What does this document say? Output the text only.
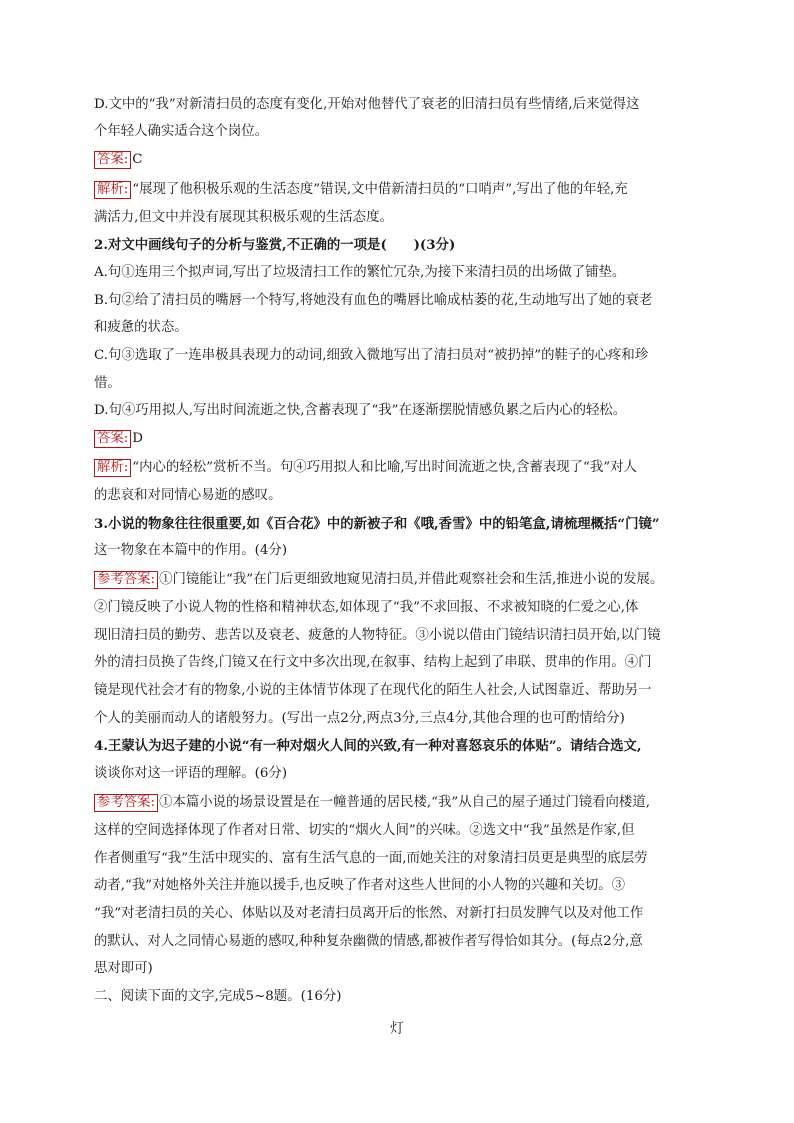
D.文中的“我”对新清扫员的态度有变化,开始对他替代了衰老的旧清扫员有些情绪,后来觉得这
个年轻人确实适合这个岗位。
答案: C
解析: “展现了他积极乐观的生活态度”错误,文中借新清扫员的“口哨声”,写出了他的年轻,充
满活力,但文中并没有展现其积极乐观的生活态度。
2.对文中画线句子的分析与鉴赏,不正确的一项是(　　)(3分)
A.句①连用三个拟声词,写出了垃圾清扫工作的繁忙冗杂,为接下来清扫员的出场做了铺垫。
B.句②给了清扫员的嘴唇一个特写,将她没有血色的嘴唇比喻成枯萎的花,生动地写出了她的衰老
和疲惫的状态。
C.句③选取了一连串极具表现力的动词,细致入微地写出了清扫员对“被扔掉”的鞋子的心疼和珍
惜。
D.句④巧用拟人,写出时间流逝之快,含蓄表现了“我”在逐渐摆脱情感负累之后内心的轻松。
答案: D
解析: “内心的轻松”赏析不当。句④巧用拟人和比喻,写出时间流逝之快,含蓄表现了“我”对人
的悲哀和对同情心易逝的感叹。
3.小说的物象往往很重要,如《百合花》中的新被子和《哦,香雪》中的铅笔盒,请梳理概括“门镜”
这一物象在本篇中的作用。(4分)
参考答案: ①门镜能让“我”在门后更细致地窥见清扫员,并借此观察社会和生活,推进小说的发展。
②门镜反映了小说人物的性格和精神状态,如体现了“我”不求回报、不求被知晓的仁爱之心,体
现旧清扫员的勤劳、悲苦以及衰老、疲惫的人物特征。③小说以借由门镜结识清扫员开始,以门镜
外的清扫员换了告终,门镜又在行文中多次出现,在叙事、结构上起到了串联、贯串的作用。④门
镜是现代社会才有的物象,小说的主体情节体现了在现代化的陌生人社会,人试图靠近、帮助另一
个人的美丽而动人的诸般努力。(写出一点2分,两点3分,三点4分,其他合理的也可酌情给分)
4.王蒙认为迟子建的小说“有一种对烟火人间的兴致,有一种对喜怒哀乐的体贴”。请结合选文,
谈谈你对这一评语的理解。(6分)
参考答案: ①本篇小说的场景设置是在一幢普通的居民楼,“我”从自己的屋子通过门镜看向楼道,
这样的空间选择体现了作者对日常、切实的“烟火人间”的兴味。②选文中“我”虽然是作家,但
作者侧重写“我”生活中现实的、富有生活气息的一面,而她关注的对象清扫员更是典型的底层劳
动者,“我”对她格外关注并施以援手,也反映了作者对这些人世间的小人物的兴趣和关切。③
“我”对老清扫员的关心、体贴以及对老清扫员离开后的怅然、对新打扫员发脾气以及对他工作
的默认、对人之同情心易逝的感叹,种种复杂幽微的情感,都被作者写得恰如其分。(每点2分,意
思对即可)
二、阅读下面的文字,完成5~8题。(16分)
灯
